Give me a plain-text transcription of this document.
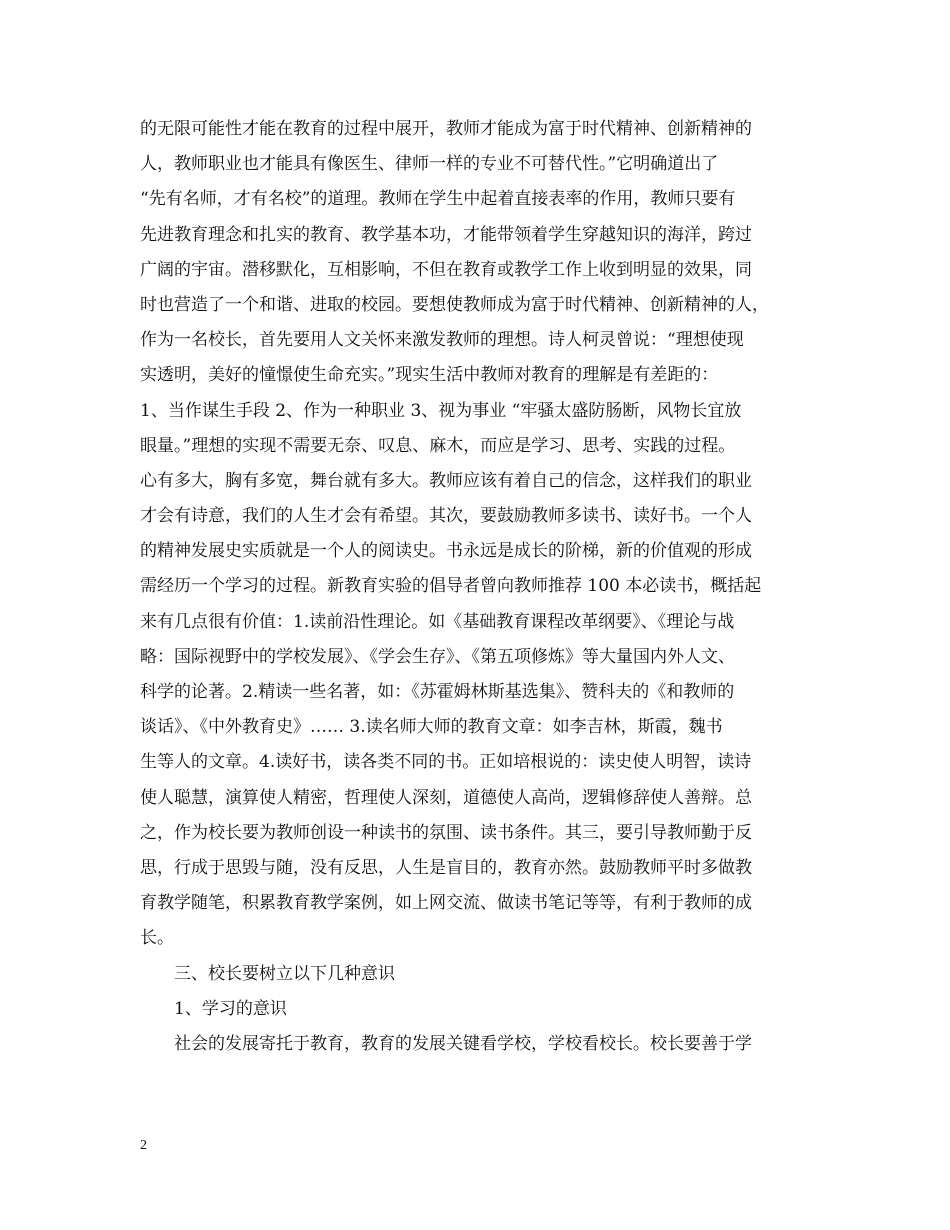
的无限可能性才能在教育的过程中展开，教师才能成为富于时代精神、创新精神的
人，教师职业也才能具有像医生、律师一样的专业不可替代性。”它明确道出了
“先有名师，才有名校”的道理。教师在学生中起着直接表率的作用，教师只要有
先进教育理念和扎实的教育、教学基本功，才能带领着学生穿越知识的海洋，跨过
广阔的宇宙。潜移默化，互相影响，不但在教育或教学工作上收到明显的效果，同
时也营造了一个和谐、进取的校园。要想使教师成为富于时代精神、创新精神的人，
作为一名校长，首先要用人文关怀来激发教师的理想。诗人柯灵曾说：“理想使现
实透明，美好的憧憬使生命充实。”现实生活中教师对教育的理解是有差距的：
1、当作谋生手段 2、作为一种职业 3、视为事业 “牢骚太盛防肠断，风物长宜放
眼量。”理想的实现不需要无奈、叹息、麻木，而应是学习、思考、实践的过程。
心有多大，胸有多宽，舞台就有多大。教师应该有着自己的信念，这样我们的职业
才会有诗意，我们的人生才会有希望。其次，要鼓励教师多读书、读好书。一个人
的精神发展史实质就是一个人的阅读史。书永远是成长的阶梯，新的价值观的形成
需经历一个学习的过程。新教育实验的倡导者曾向教师推荐 100 本必读书，概括起
来有几点很有价值：1.读前沿性理论。如《基础教育课程改革纲要》、《理论与战
略：国际视野中的学校发展》、《学会生存》、《第五项修炼》等大量国内外人文、
科学的论著。2.精读一些名著，如：《苏霍姆林斯基选集》、赞科夫的《和教师的
谈话》、《中外教育史》…… 3.读名师大师的教育文章：如李吉林，斯霞，魏书
生等人的文章。4.读好书，读各类不同的书。正如培根说的：读史使人明智，读诗
使人聪慧，演算使人精密，哲理使人深刻，道德使人高尚，逻辑修辞使人善辩。总
之，作为校长要为教师创设一种读书的氛围、读书条件。其三，要引导教师勤于反
思，行成于思毁与随，没有反思，人生是盲目的，教育亦然。鼓励教师平时多做教
育教学随笔，积累教育教学案例，如上网交流、做读书笔记等等，有利于教师的成
长。
三、校长要树立以下几种意识
1、学习的意识
社会的发展寄托于教育，教育的发展关键看学校，学校看校长。校长要善于学
2
